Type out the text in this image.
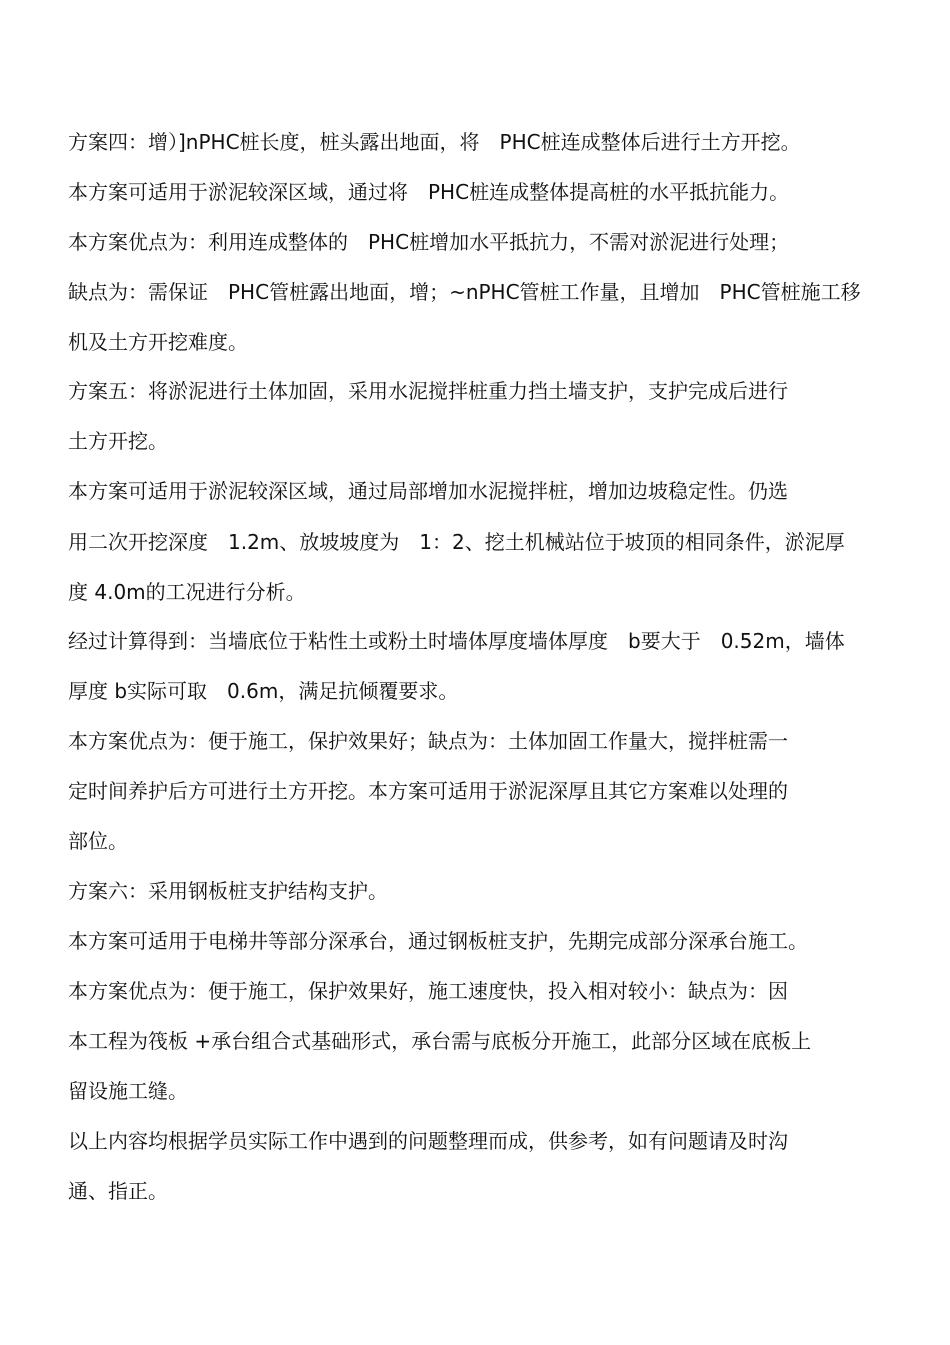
方案四：增）]nPHC桩长度，桩头露出地面，将　PHC桩连成整体后进行土方开挖。
本方案可适用于淤泥较深区域，通过将　PHC桩连成整体提高桩的水平抵抗能力。
本方案优点为：利用连成整体的　PHC桩增加水平抵抗力，不需对淤泥进行处理；
缺点为：需保证　PHC管桩露出地面，增；~nPHC管桩工作量，且增加　PHC管桩施工移
机及土方开挖难度。
方案五：将淤泥进行土体加固，采用水泥搅拌桩重力挡土墙支护，支护完成后进行
土方开挖。
本方案可适用于淤泥较深区域，通过局部增加水泥搅拌桩，增加边坡稳定性。仍选
用二次开挖深度　1.2m、放坡坡度为　1：2、挖土机械站位于坡顶的相同条件，淤泥厚
度 4.0m的工况进行分析。
经过计算得到：当墙底位于粘性土或粉土时墙体厚度墙体厚度　b要大于　0.52m，墙体
厚度 b实际可取　0.6m，满足抗倾覆要求。
本方案优点为：便于施工，保护效果好；缺点为：土体加固工作量大，搅拌桩需一
定时间养护后方可进行土方开挖。本方案可适用于淤泥深厚且其它方案难以处理的
部位。
方案六：采用钢板桩支护结构支护。
本方案可适用于电梯井等部分深承台，通过钢板桩支护，先期完成部分深承台施工。
本方案优点为：便于施工，保护效果好，施工速度快，投入相对较小：缺点为：因
本工程为筏板 +承台组合式基础形式，承台需与底板分开施工，此部分区域在底板上
留设施工缝。
以上内容均根据学员实际工作中遇到的问题整理而成，供参考，如有问题请及时沟
通、指正。
